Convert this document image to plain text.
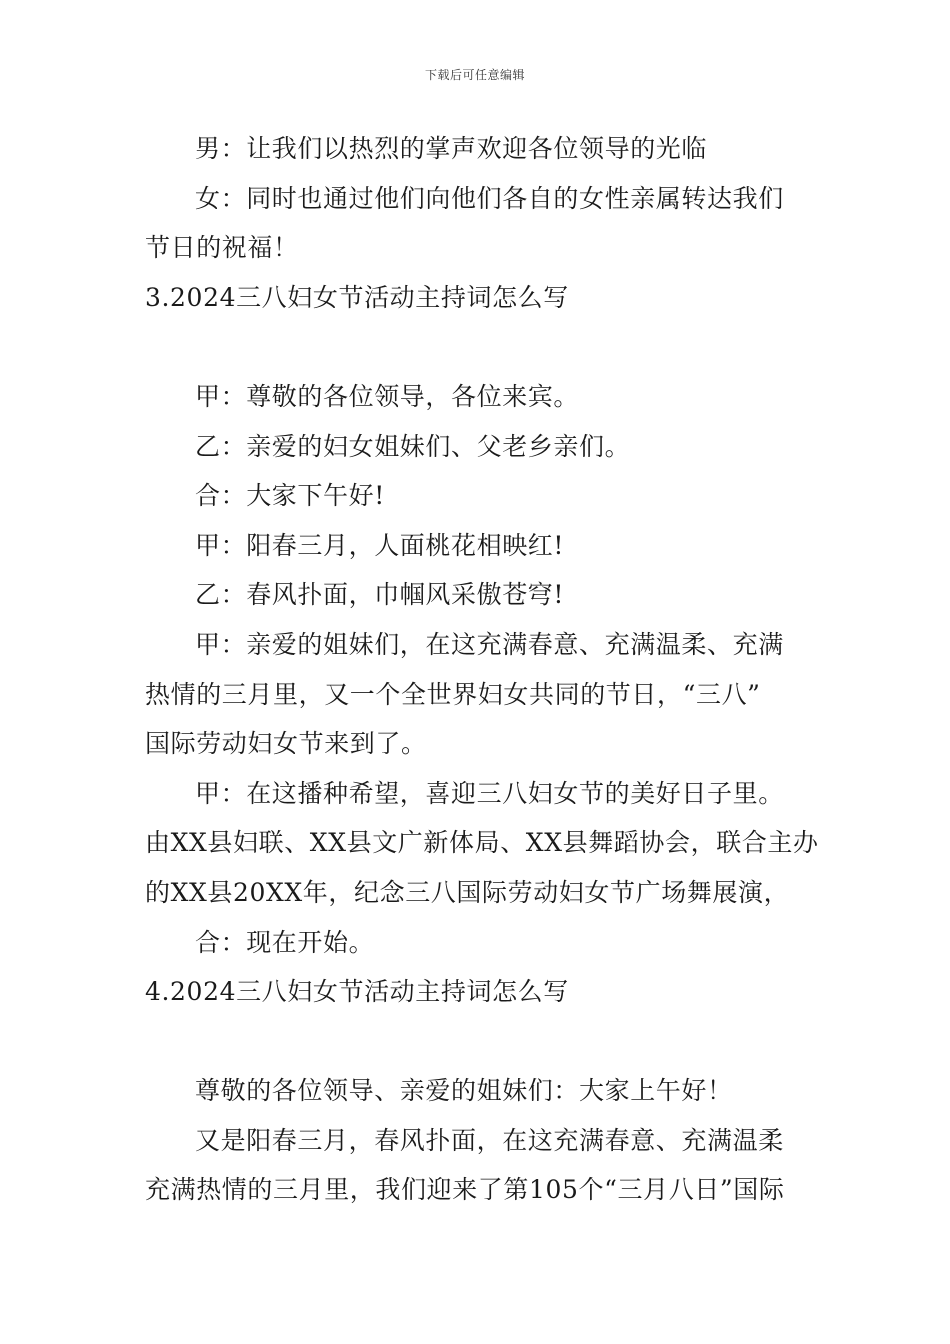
下载后可任意编辑

男：让我们以热烈的掌声欢迎各位领导的光临

女：同时也通过他们向他们各自的女性亲属转达我们

节日的祝福！

3.2024三八妇女节活动主持词怎么写

甲：尊敬的各位领导，各位来宾。

乙：亲爱的妇女姐妹们、父老乡亲们。

合：大家下午好!

甲：阳春三月，人面桃花相映红!

乙：春风扑面，巾帼风采傲苍穹!

甲：亲爱的姐妹们，在这充满春意、充满温柔、充满

热情的三月里，又一个全世界妇女共同的节日，“三八”

国际劳动妇女节来到了。

甲：在这播种希望，喜迎三八妇女节的美好日子里。

由XX县妇联、XX县文广新体局、XX县舞蹈协会，联合主办

的XX县20XX年，纪念三八国际劳动妇女节广场舞展演，

合：现在开始。

4.2024三八妇女节活动主持词怎么写

尊敬的各位领导、亲爱的姐妹们：大家上午好！

又是阳春三月，春风扑面，在这充满春意、充满温柔

充满热情的三月里，我们迎来了第105个“三月八日”国际
